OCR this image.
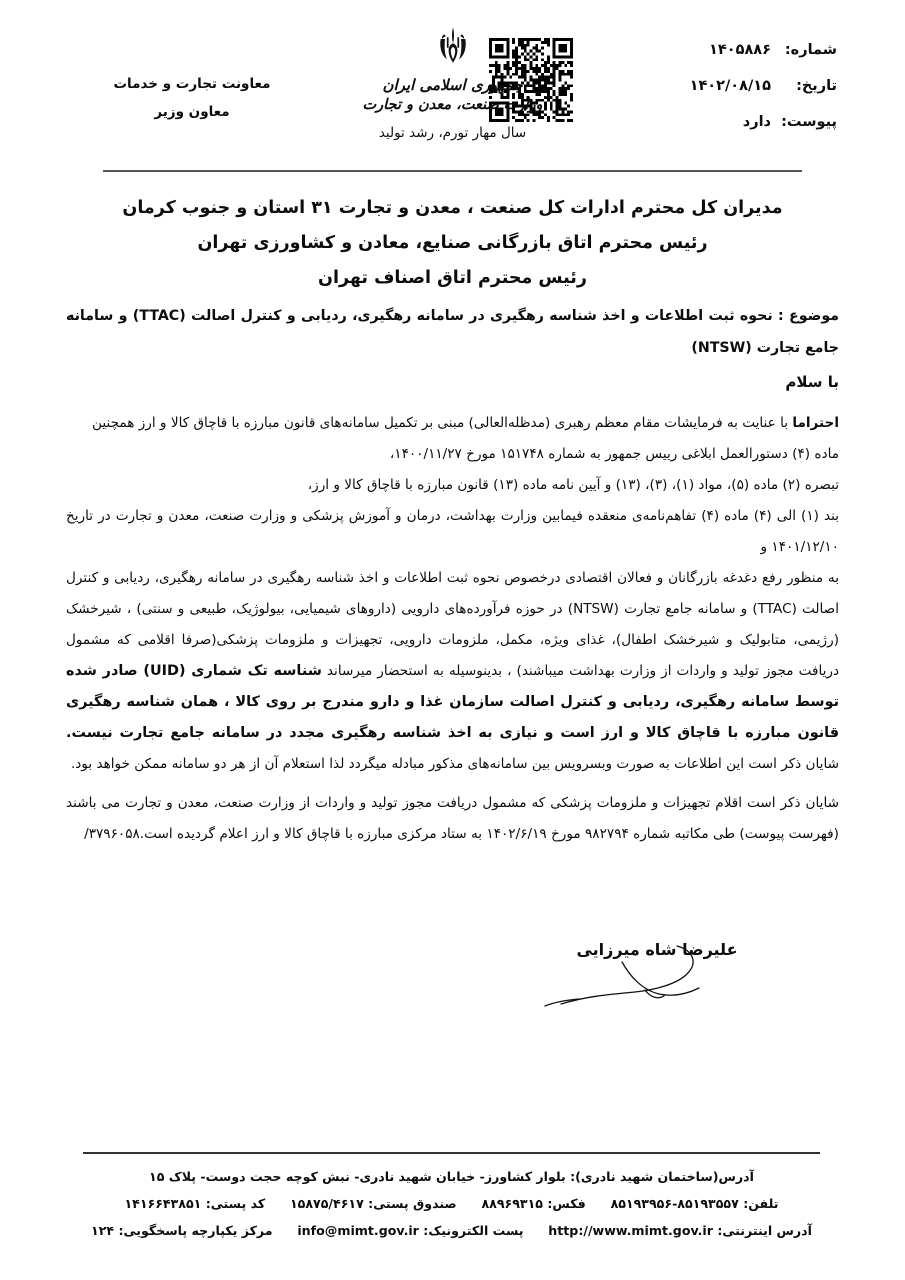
شماره:
۱۴۰۵۸۸۶
تاریخ:
۱۴۰۲/۰۸/۱۵
پیوست:
دارد
جمهوری اسلامی ایران
وزارت صنعت، معدن و تجارت
سال مهار تورم، رشد تولید
معاونت تجارت و خدمات
معاون وزیر
مدیران کل محترم ادارات کل صنعت ، معدن و تجارت ۳۱ استان و جنوب کرمان
رئیس محترم اتاق بازرگانی صنایع، معادن و کشاورزی تهران
رئیس محترم اتاق اصناف تهران
موضوع : نحوه ثبت اطلاعات و اخذ شناسه رهگیری در سامانه رهگیری، ردیابی و کنترل اصالت (TTAC) و سامانه جامع تجارت (NTSW)
با سلام

احتراما با عنایت به فرمایشات مقام معظم رهبری (مدظله‌العالی) مبنی بر تکمیل سامانه‌های قانون مبارزه با قاچاق کالا و ارز همچنین

ماده (۴) دستورالعمل ابلاغی رییس جمهور به شماره ۱۵۱۷۴۸ مورخ ۱۴۰۰/۱۱/۲۷،

تبصره (۲) ماده (۵)، مواد (۱)، (۳)، (۱۳) و آیین نامه ماده (۱۳) قانون مبارزه با قاچاق کالا و ارز،

بند (۱) الی (۴) ماده (۴) تفاهم‌نامه‌ی منعقده فیمابین وزارت بهداشت، درمان و آموزش پزشکی و وزارت صنعت، معدن و تجارت در تاریخ ۱۴۰۱/۱۲/۱۰ و

به منظور رفع دغدغه بازرگانان و فعالان اقتصادی درخصوص نحوه ثبت اطلاعات و اخذ شناسه رهگیری در سامانه رهگیری، ردیابی و کنترل اصالت (TTAC) و سامانه جامع تجارت (NTSW) در حوزه فرآورده‌های دارویی (داروهای شیمیایی، بیولوژیک، طبیعی و سنتی) ، شیرخشک (رژیمی، متابولیک و شیرخشک اطفال)، غذای ویژه، مکمل، ملزومات دارویی، تجهیزات و ملزومات پزشکی(صرفا اقلامی که مشمول دریافت مجوز تولید و واردات از وزارت بهداشت میباشند) ، بدینوسیله به استحضار میرساند شناسه تک شماری (UID) صادر شده توسط سامانه رهگیری، ردیابی و کنترل اصالت سازمان غذا و دارو مندرج بر روی کالا ، همان شناسه رهگیری قانون مبارزه با قاچاق کالا و ارز است و نیازی به اخذ شناسه رهگیری مجدد در سامانه جامع تجارت نیست. شایان ذکر است این اطلاعات به صورت وبسرویس بین سامانه‌های مذکور مبادله میگردد لذا استعلام آن از هر دو سامانه ممکن خواهد بود.

شایان ذکر است اقلام تجهیزات و ملزومات پزشکی که مشمول دریافت مجوز تولید و واردات از وزارت صنعت، معدن و تجارت می باشند (فهرست پیوست) طی مکاتبه شماره ۹۸۲۷۹۴ مورخ ۱۴۰۲/۶/۱۹ به ستاد مرکزی مبارزه با قاچاق کالا و ارز اعلام گردیده است.۳۷۹۶۰۵۸/

علیرضا شاه میرزایی
آدرس(ساختمان شهید نادری): بلوار کشاورز- خیابان شهید نادری- نبش کوچه حجت دوست- پلاک ۱۵
تلفن: ۸۵۱۹۳۵۵۷-۸۵۱۹۳۹۵۶  فکس: ۸۸۹۶۹۳۱۵  صندوق پستی: ۱۵۸۷۵/۴۶۱۷  کد پستی: ۱۴۱۶۶۴۳۸۵۱
آدرس اینترنتی: http://www.mimt.gov.ir  پست الکترونیک: info@mimt.gov.ir  مرکز یکپارچه پاسخگویی: ۱۲۴
